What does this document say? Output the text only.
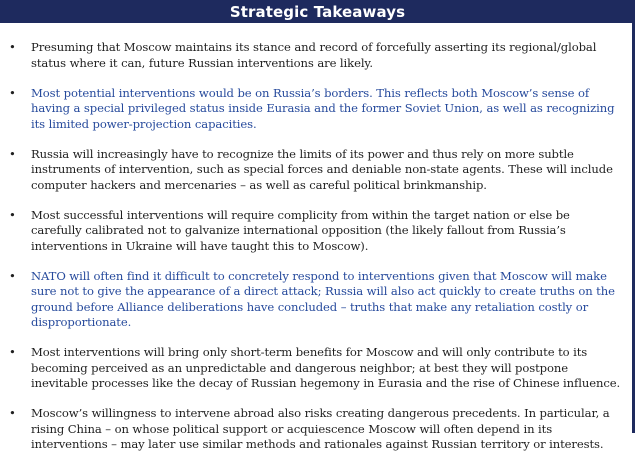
Strategic Takeaways
• Presuming that Moscow maintains its stance and record of forcefully asserting its regional/global status where it can, future Russian interventions are likely.
• Most potential interventions would be on Russia’s borders. This reflects both Moscow’s sense of having a special privileged status inside Eurasia and the former Soviet Union, as well as recognizing its limited power-projection capacities.
• Russia will increasingly have to recognize the limits of its power and thus rely on more subtle instruments of intervention, such as special forces and deniable non-state agents. These will include computer hackers and mercenaries – as well as careful political brinkmanship.
• Most successful interventions will require complicity from within the target nation or else be carefully calibrated not to galvanize international opposition (the likely fallout from Russia’s interventions in Ukraine will have taught this to Moscow).
• NATO will often find it difficult to concretely respond to interventions given that Moscow will make sure not to give the appearance of a direct attack; Russia will also act quickly to create truths on the ground before Alliance deliberations have concluded – truths that make any retaliation costly or disproportionate.
• Most interventions will bring only short-term benefits for Moscow and will only contribute to its becoming perceived as an unpredictable and dangerous neighbor; at best they will postpone inevitable processes like the decay of Russian hegemony in Eurasia and the rise of Chinese influence.
• Moscow’s willingness to intervene abroad also risks creating dangerous precedents. In particular, a rising China – on whose political support or acquiescence Moscow will often depend in its interventions – may later use similar methods and rationales against Russian territory or interests.
